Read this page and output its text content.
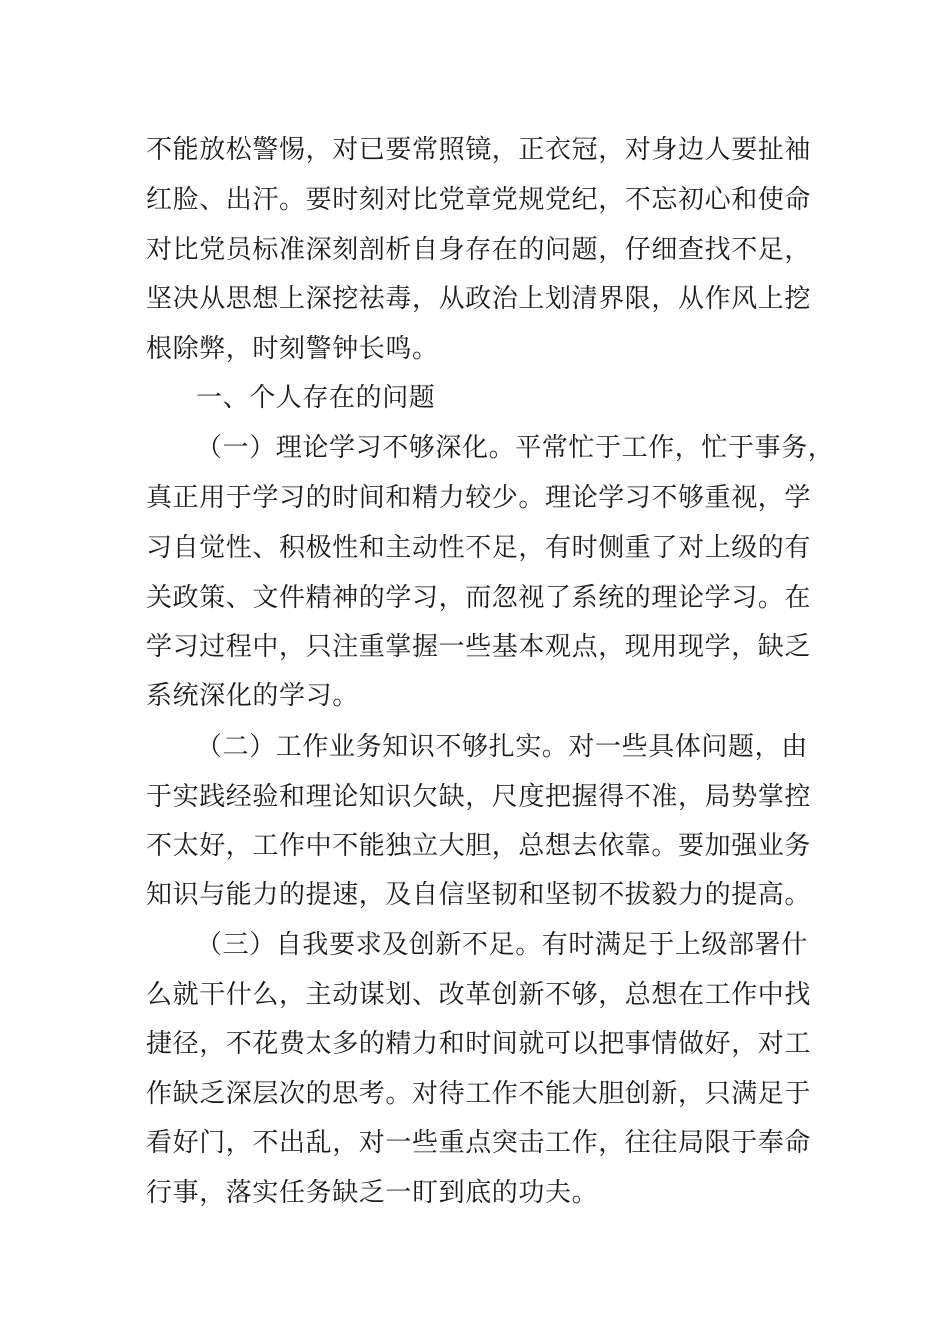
不能放松警惕，对已要常照镜，正衣冠，对身边人要扯袖
红脸、出汗。要时刻对比党章党规党纪，不忘初心和使命
对比党员标准深刻剖析自身存在的问题，仔细查找不足，
坚决从思想上深挖祛毒，从政治上划清界限，从作风上挖
根除弊，时刻警钟长鸣。
一、个人存在的问题
（一）理论学习不够深化。平常忙于工作，忙于事务，
真正用于学习的时间和精力较少。理论学习不够重视，学
习自觉性、积极性和主动性不足，有时侧重了对上级的有
关政策、文件精神的学习，而忽视了系统的理论学习。在
学习过程中，只注重掌握一些基本观点，现用现学，缺乏
系统深化的学习。
（二）工作业务知识不够扎实。对一些具体问题，由
于实践经验和理论知识欠缺，尺度把握得不准，局势掌控
不太好，工作中不能独立大胆，总想去依靠。要加强业务
知识与能力的提速，及自信坚韧和坚韧不拔毅力的提高。
（三）自我要求及创新不足。有时满足于上级部署什
么就干什么，主动谋划、改革创新不够，总想在工作中找
捷径，不花费太多的精力和时间就可以把事情做好，对工
作缺乏深层次的思考。对待工作不能大胆创新，只满足于
看好门，不出乱，对一些重点突击工作，往往局限于奉命
行事，落实任务缺乏一盯到底的功夫。
